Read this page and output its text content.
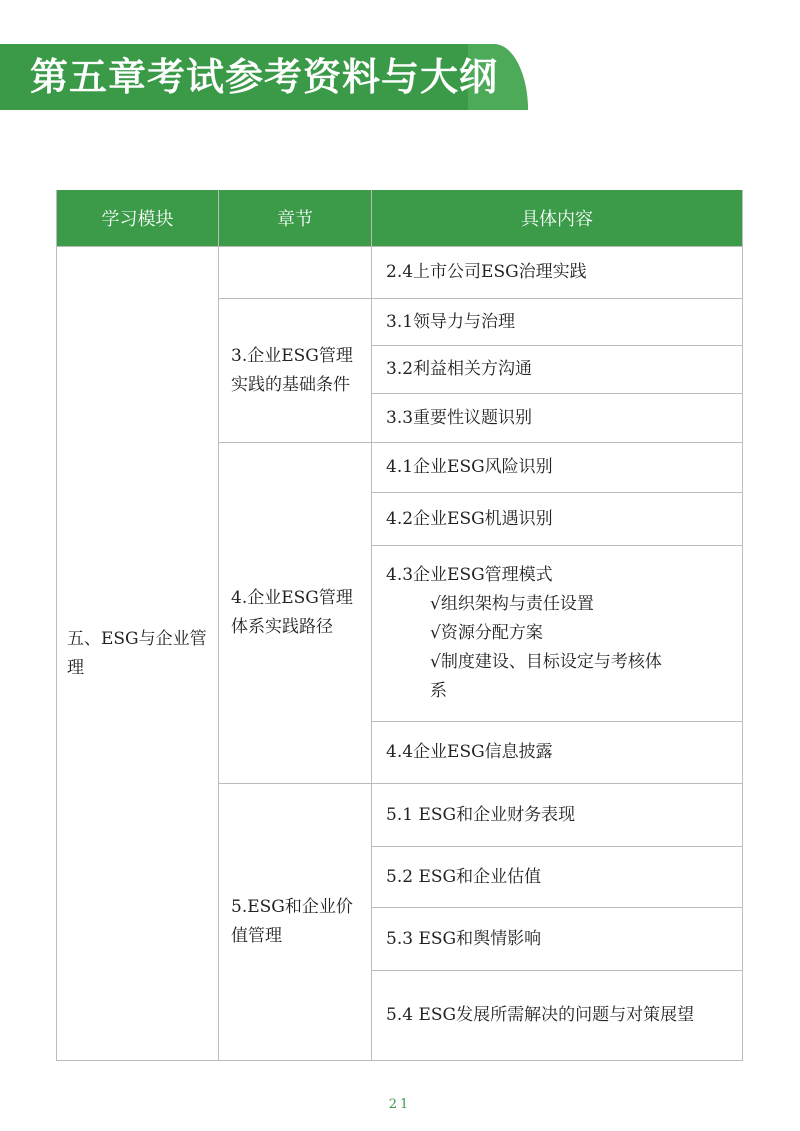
第五章考试参考资料与大纲
学习模块	章节	具体内容
五、ESG与企业管理		2.4上市公司ESG治理实践
	3.企业ESG管理实践的基础条件	3.1领导力与治理
		3.2利益相关方沟通
		3.3重要性议题识别
	4.企业ESG管理体系实践路径	4.1企业ESG风险识别
		4.2企业ESG机遇识别
		4.3企业ESG管理模式
√组织架构与责任设置
√资源分配方案
√制度建设、目标设定与考核体
系

		4.4企业ESG信息披露
	5.ESG和企业价值管理	5.1 ESG和企业财务表现
		5.2 ESG和企业估值
		5.3 ESG和舆情影响
		5.4 ESG发展所需解决的问题与对策展望
21
